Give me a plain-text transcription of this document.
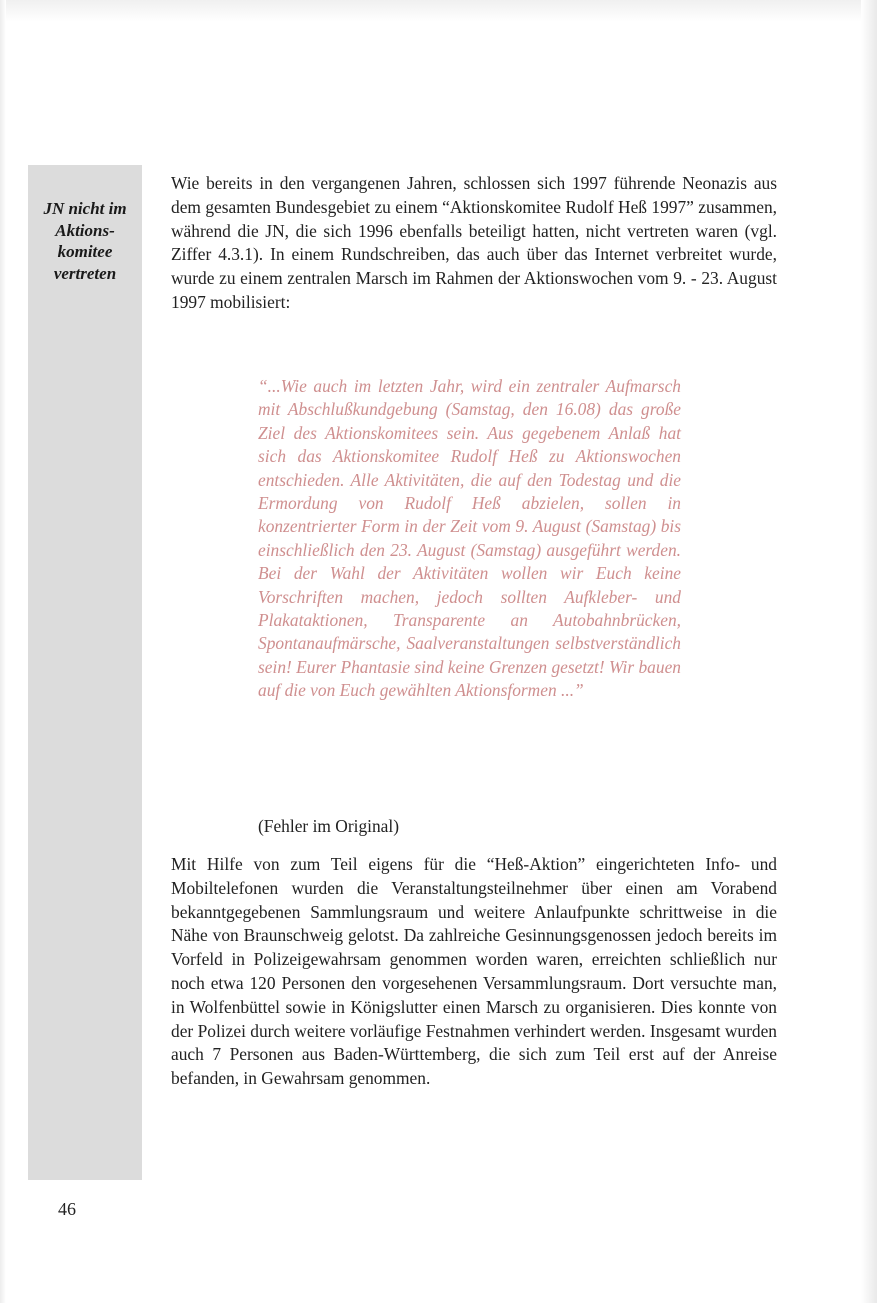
JN nicht im
Aktions-
komitee
vertreten

Wie bereits in den vergangenen Jahren, schlossen sich 1997 führende Neonazis aus dem gesamten Bundesgebiet zu einem “Aktionskomitee Rudolf Heß 1997” zusammen, während die JN, die sich 1996 ebenfalls beteiligt hatten, nicht vertreten waren (vgl. Ziffer 4.3.1). In einem Rundschreiben, das auch über das Internet verbreitet wurde, wurde zu einem zentralen Marsch im Rahmen der Aktionswochen vom 9. - 23. August 1997 mobilisiert:

“...Wie auch im letzten Jahr, wird ein zentraler Aufmarsch mit Abschlußkundgebung (Samstag, den 16.08) das große Ziel des Aktionskomitees sein. Aus gegebenem Anlaß hat sich das Aktionskomitee Rudolf Heß zu Aktionswochen entschieden. Alle Aktivitäten, die auf den Todestag und die Ermordung von Rudolf Heß abzielen, sollen in konzentrierter Form in der Zeit vom 9. August (Samstag) bis einschließlich den 23. August (Samstag) ausgeführt werden. Bei der Wahl der Aktivitäten wollen wir Euch keine Vorschriften machen, jedoch sollten Aufkleber- und Plakataktionen, Transparente an Autobahnbrücken, Spontanaufmärsche, Saalveranstaltungen selbstverständlich sein! Eurer Phantasie sind keine Grenzen gesetzt! Wir bauen auf die von Euch gewählten Aktionsformen ...”

(Fehler im Original)

Mit Hilfe von zum Teil eigens für die “Heß-Aktion” eingerichteten Info- und Mobiltelefonen wurden die Veranstaltungsteilnehmer über einen am Vorabend bekanntgegebenen Sammlungsraum und weitere Anlaufpunkte schrittweise in die Nähe von Braunschweig gelotst. Da zahlreiche Gesinnungsgenossen jedoch bereits im Vorfeld in Polizeigewahrsam genommen worden waren, erreichten schließlich nur noch etwa 120 Personen den vorgesehenen Versammlungsraum. Dort versuchte man, in Wolfenbüttel sowie in Königslutter einen Marsch zu organisieren. Dies konnte von der Polizei durch weitere vorläufige Festnahmen verhindert werden. Insgesamt wurden auch 7 Personen aus Baden-Württemberg, die sich zum Teil erst auf der Anreise befanden, in Gewahrsam genommen.

46
